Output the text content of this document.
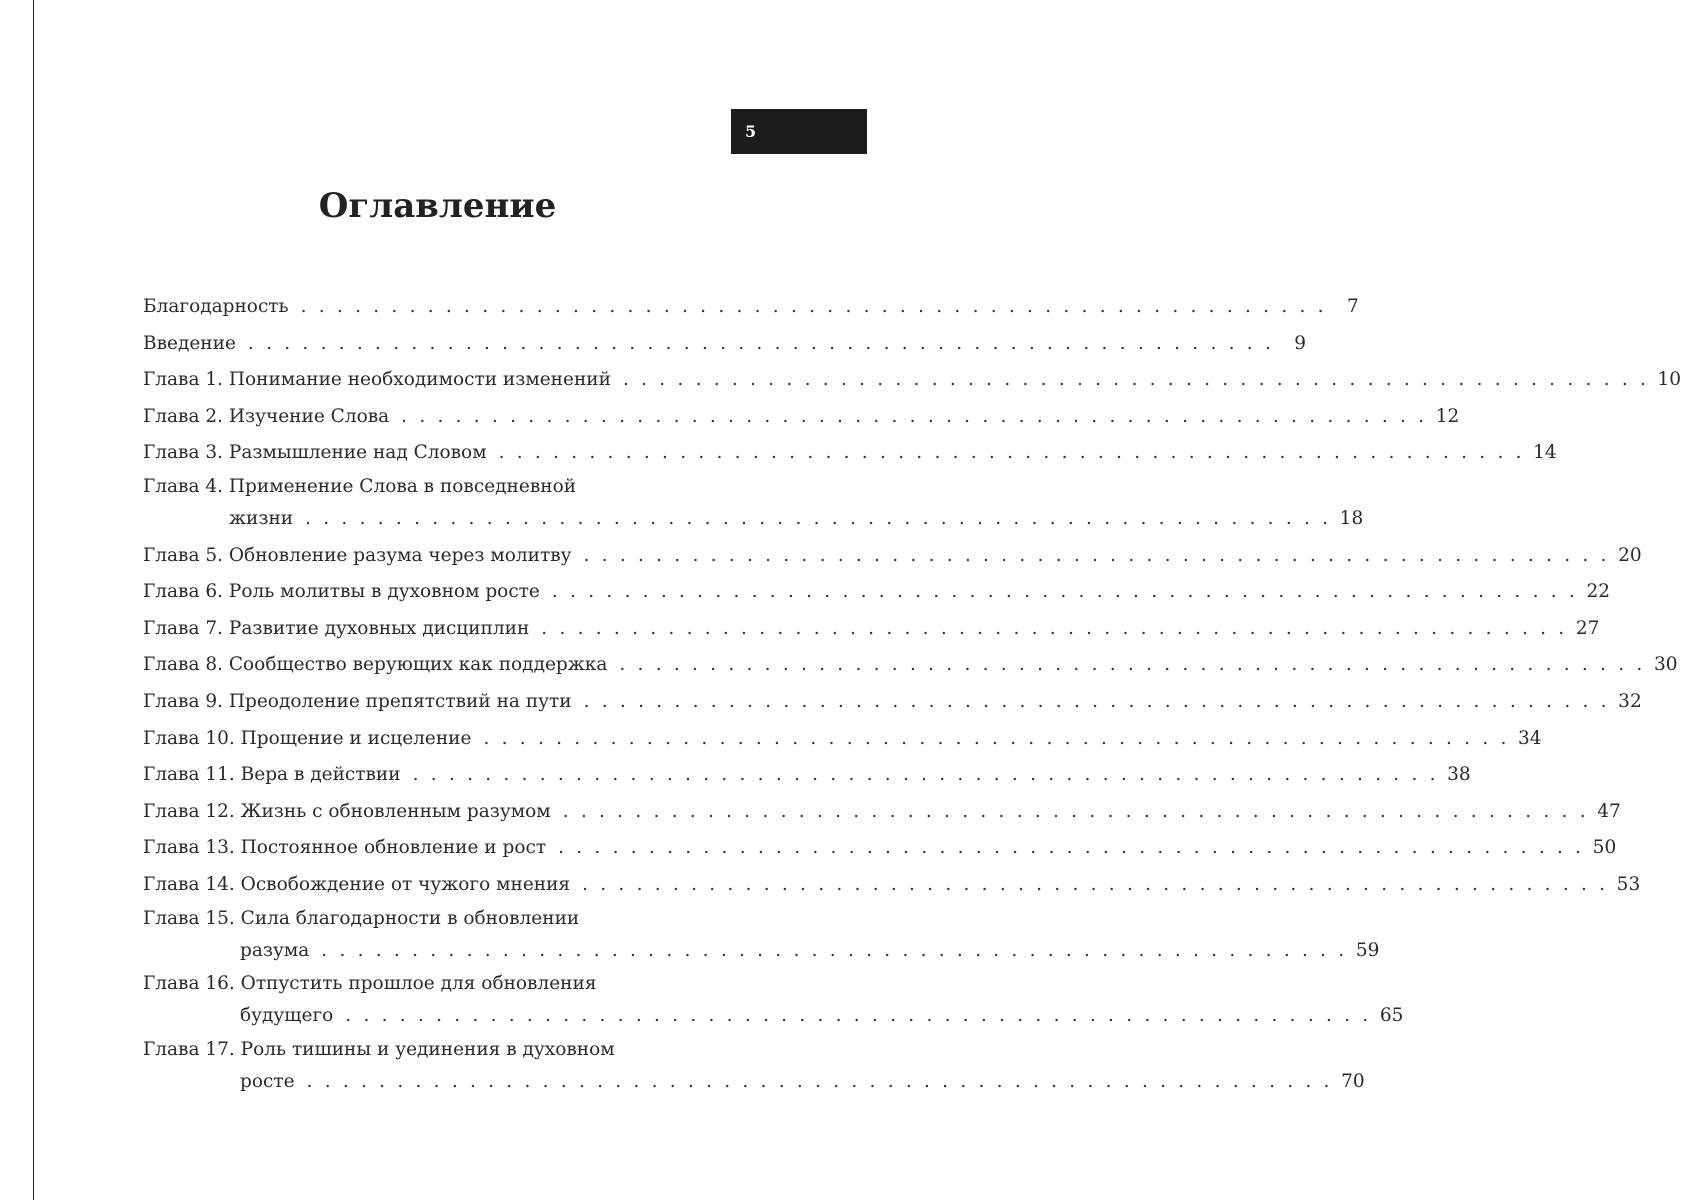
5
Оглавление
Благодарность . . . . . . . . . . . . . . . . . . . . . . . . . . . . . . . . . . . . . . . . . . . . . . . . . . . . . . . . .	7
Введение . . . . . . . . . . . . . . . . . . . . . . . . . . . . . . . . . . . . . . . . . . . . . . . . . . . . . . . . .	9
Глава 1. Понимание необходимости изменений . . . . . . . . . . . . . . . . . . . . . . . . . . . . . . . . . . . . . . . . . . . . . . . . . . . . . . . . . 10
Глава 2. Изучение Слова . . . . . . . . . . . . . . . . . . . . . . . . . . . . . . . . . . . . . . . . . . . . . . . . . . . . . . . . . 12
Глава 3. Размышление над Словом . . . . . . . . . . . . . . . . . . . . . . . . . . . . . . . . . . . . . . . . . . . . . . . . . . . . . . . . . 14
Глава 4. Применение Слова в повседневной
жизни . . . . . . . . . . . . . . . . . . . . . . . . . . . . . . . . . . . . . . . . . . . . . . . . . . . . . . . . . 18
Глава 5. Обновление разума через молитву . . . . . . . . . . . . . . . . . . . . . . . . . . . . . . . . . . . . . . . . . . . . . . . . . . . . . . . . . 20
Глава 6. Роль молитвы в духовном росте . . . . . . . . . . . . . . . . . . . . . . . . . . . . . . . . . . . . . . . . . . . . . . . . . . . . . . . . . 22
Глава 7. Развитие духовных дисциплин . . . . . . . . . . . . . . . . . . . . . . . . . . . . . . . . . . . . . . . . . . . . . . . . . . . . . . . . . 27
Глава 8. Сообщество верующих как поддержка . . . . . . . . . . . . . . . . . . . . . . . . . . . . . . . . . . . . . . . . . . . . . . . . . . . . . . . . . 30
Глава 9. Преодоление препятствий на пути . . . . . . . . . . . . . . . . . . . . . . . . . . . . . . . . . . . . . . . . . . . . . . . . . . . . . . . . . 32
Глава 10. Прощение и исцеление . . . . . . . . . . . . . . . . . . . . . . . . . . . . . . . . . . . . . . . . . . . . . . . . . . . . . . . . . 34
Глава 11. Вера в действии . . . . . . . . . . . . . . . . . . . . . . . . . . . . . . . . . . . . . . . . . . . . . . . . . . . . . . . . . 38
Глава 12. Жизнь с обновленным разумом . . . . . . . . . . . . . . . . . . . . . . . . . . . . . . . . . . . . . . . . . . . . . . . . . . . . . . . . . 47
Глава 13. Постоянное обновление и рост . . . . . . . . . . . . . . . . . . . . . . . . . . . . . . . . . . . . . . . . . . . . . . . . . . . . . . . . . 50
Глава 14. Освобождение от чужого мнения . . . . . . . . . . . . . . . . . . . . . . . . . . . . . . . . . . . . . . . . . . . . . . . . . . . . . . . . . 53
Глава 15. Сила благодарности в обновлении
разума . . . . . . . . . . . . . . . . . . . . . . . . . . . . . . . . . . . . . . . . . . . . . . . . . . . . . . . . . 59
Глава 16. Отпустить прошлое для обновления
будущего . . . . . . . . . . . . . . . . . . . . . . . . . . . . . . . . . . . . . . . . . . . . . . . . . . . . . . . . . 65
Глава 17. Роль тишины и уединения в духовном
росте . . . . . . . . . . . . . . . . . . . . . . . . . . . . . . . . . . . . . . . . . . . . . . . . . . . . . . . . . 70
